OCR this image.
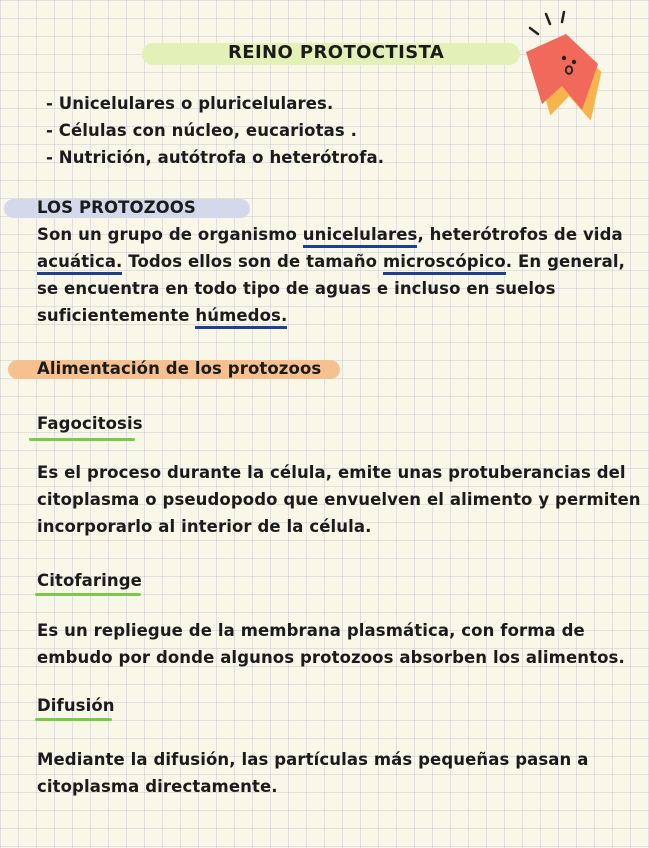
REINO PROTOCTISTA
- Unicelulares o pluricelulares.
- Células con núcleo, eucariotas .
- Nutrición, autótrofa o heterótrofa.
LOS PROTOZOOS
Son un grupo de organismo unicelulares, heterótrofos de vida
acuática. Todos ellos son de tamaño microscópico. En general,
se encuentra en todo tipo de aguas e incluso en suelos
suficientemente húmedos.
Alimentación de los protozoos
Fagocitosis
Es el proceso durante la célula, emite unas protuberancias del
citoplasma o pseudopodo que envuelven el alimento y permiten
incorporarlo al interior de la célula.
Citofaringe
Es un repliegue de la membrana plasmática, con forma de
embudo por donde algunos protozoos absorben los alimentos.
Difusión
Mediante la difusión, las partículas más pequeñas pasan a
citoplasma directamente.
